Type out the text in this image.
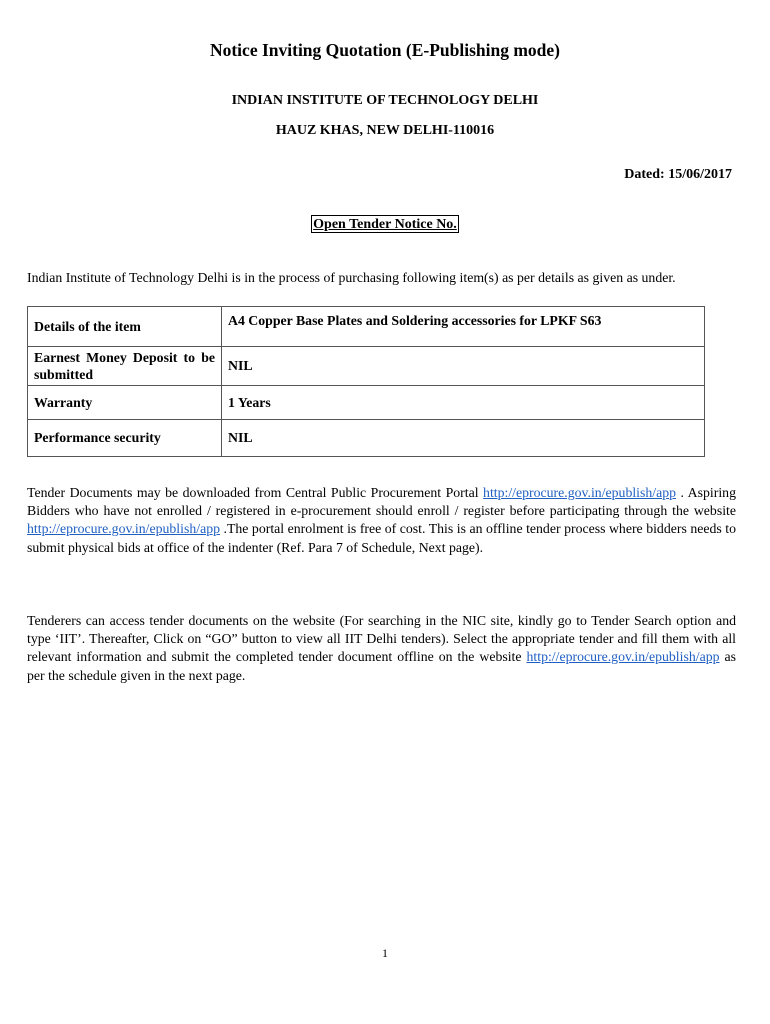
Notice Inviting Quotation (E-Publishing mode)
INDIAN INSTITUTE OF TECHNOLOGY DELHI
HAUZ KHAS, NEW DELHI-110016
Dated: 15/06/2017
Open Tender Notice No.
Indian Institute of Technology Delhi is in the process of purchasing following item(s) as per details as given as under.
Details of the item	A4 Copper Base Plates and Soldering accessories for LPKF S63
Earnest Money Deposit to be submitted	NIL
Warranty	1 Years
Performance security	NIL
Tender Documents may be downloaded from Central Public Procurement Portal http://eprocure.gov.in/epublish/app . Aspiring Bidders who have not enrolled / registered in e-procurement should enroll / register before participating through the website http://eprocure.gov.in/epublish/app .The portal enrolment is free of cost. This is an offline tender process where bidders needs to submit physical bids at office of the indenter (Ref. Para 7 of Schedule, Next page).
Tenderers can access tender documents on the website (For searching in the NIC site, kindly go to Tender Search option and type ‘IIT’. Thereafter, Click on “GO” button to view all IIT Delhi tenders). Select the appropriate tender and fill them with all relevant information and submit the completed tender document offline on the website http://eprocure.gov.in/epublish/app as per the schedule given in the next page.
1
